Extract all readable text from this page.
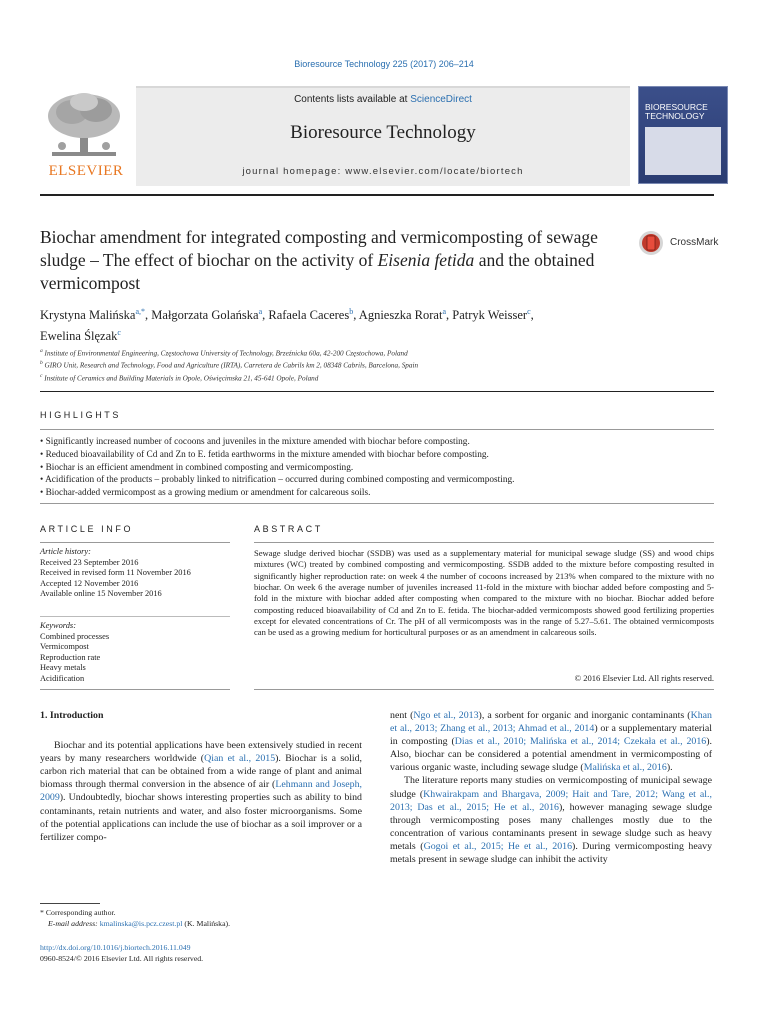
Bioresource Technology 225 (2017) 206–214
ELSEVIER
Contents lists available at ScienceDirect
Bioresource Technology
journal homepage: www.elsevier.com/locate/biortech
BIORESOURCE
TECHNOLOGY
Biochar amendment for integrated composting and vermicomposting of sewage sludge – The effect of biochar on the activity of Eisenia fetida and the obtained vermicompost
CrossMark
Krystyna Malińska$^{a,*}$, Małgorzata Golańska$^a$, Rafaela Caceres$^b$, Agnieszka Rorat$^a$, Patryk Weisser$^c$,
Ewelina Ślęzak$^c$
$^a$ Institute of Environmental Engineering, Częstochowa University of Technology, Brzeźnicka 60a, 42-200 Częstochowa, Poland
$^b$ GIRO Unit, Research and Technology, Food and Agriculture (IRTA), Carretera de Cabrils km 2, 08348 Cabrils, Barcelona, Spain
$^c$ Institute of Ceramics and Building Materials in Opole, Oświęcimska 21, 45-641 Opole, Poland
HIGHLIGHTS
• Significantly increased number of cocoons and juveniles in the mixture amended with biochar before composting.
• Reduced bioavailability of Cd and Zn to E. fetida earthworms in the mixture amended with biochar before composting.
• Biochar is an efficient amendment in combined composting and vermicomposting.
• Acidification of the products – probably linked to nitrification – occurred during combined composting and vermicomposting.
• Biochar-added vermicompost as a growing medium or amendment for calcareous soils.
ARTICLE INFO
Article history:
Received 23 September 2016
Received in revised form 11 November 2016
Accepted 12 November 2016
Available online 15 November 2016
Keywords:
Combined processes
Vermicompost
Reproduction rate
Heavy metals
Acidification
ABSTRACT
Sewage sludge derived biochar (SSDB) was used as a supplementary material for municipal sewage sludge (SS) and wood chips mixtures (WC) treated by combined composting and vermicomposting. SSDB added to the mixture before composting resulted in significantly higher reproduction rate: on week 4 the number of cocoons increased by 213% when compared to the mixture with no biochar. On week 6 the average number of juveniles increased 11-fold in the mixture with biochar added before composting and 5-fold in the mixture with biochar added after composting when compared to the mixture with no biochar. Biochar added before composting reduced bioavailability of Cd and Zn to E. fetida. The biochar-added vermicomposts showed good fertilizing properties except for elevated concentrations of Cr. The pH of all vermicomposts was in the range of 5.27–5.61. The obtained vermicomposts can be used as a growing medium for horticultural purposes or as an amendment in calcareous soils.
© 2016 Elsevier Ltd. All rights reserved.
1. Introduction

Biochar and its potential applications have been extensively studied in recent years by many researchers worldwide (Qian et al., 2015). Biochar is a solid, carbon rich material that can be obtained from a wide range of plant and animal biomass through thermal conversion in the absence of air (Lehmann and Joseph, 2009). Undoubtedly, biochar shows interesting properties such as ability to bind contaminants, retain nutrients and water, and also foster microorganisms. Some of the potential applications can include the use of biochar as a soil improver or a fertilizer compo-

nent (Ngo et al., 2013), a sorbent for organic and inorganic contaminants (Khan et al., 2013; Zhang et al., 2013; Ahmad et al., 2014) or a supplementary material in composting (Dias et al., 2010; Malińska et al., 2014; Czekała et al., 2016). Also, biochar can be considered a potential amendment in vermicomposting of various organic waste, including sewage sludge (Malińska et al., 2016).

The literature reports many studies on vermicomposting of municipal sewage sludge (Khwairakpam and Bhargava, 2009; Hait and Tare, 2012; Wang et al., 2013; Das et al., 2015; He et al., 2016), however managing sewage sludge through vermicomposting poses many challenges mostly due to the concentration of various contaminants present in sewage sludge such as heavy metals (Gogoi et al., 2015; He et al., 2016). During vermicomposting heavy metals present in sewage sludge can inhibit the activity

* Corresponding author.
E-mail address: kmalinska@is.pcz.czest.pl (K. Malińska).
http://dx.doi.org/10.1016/j.biortech.2016.11.049
0960-8524/© 2016 Elsevier Ltd. All rights reserved.
